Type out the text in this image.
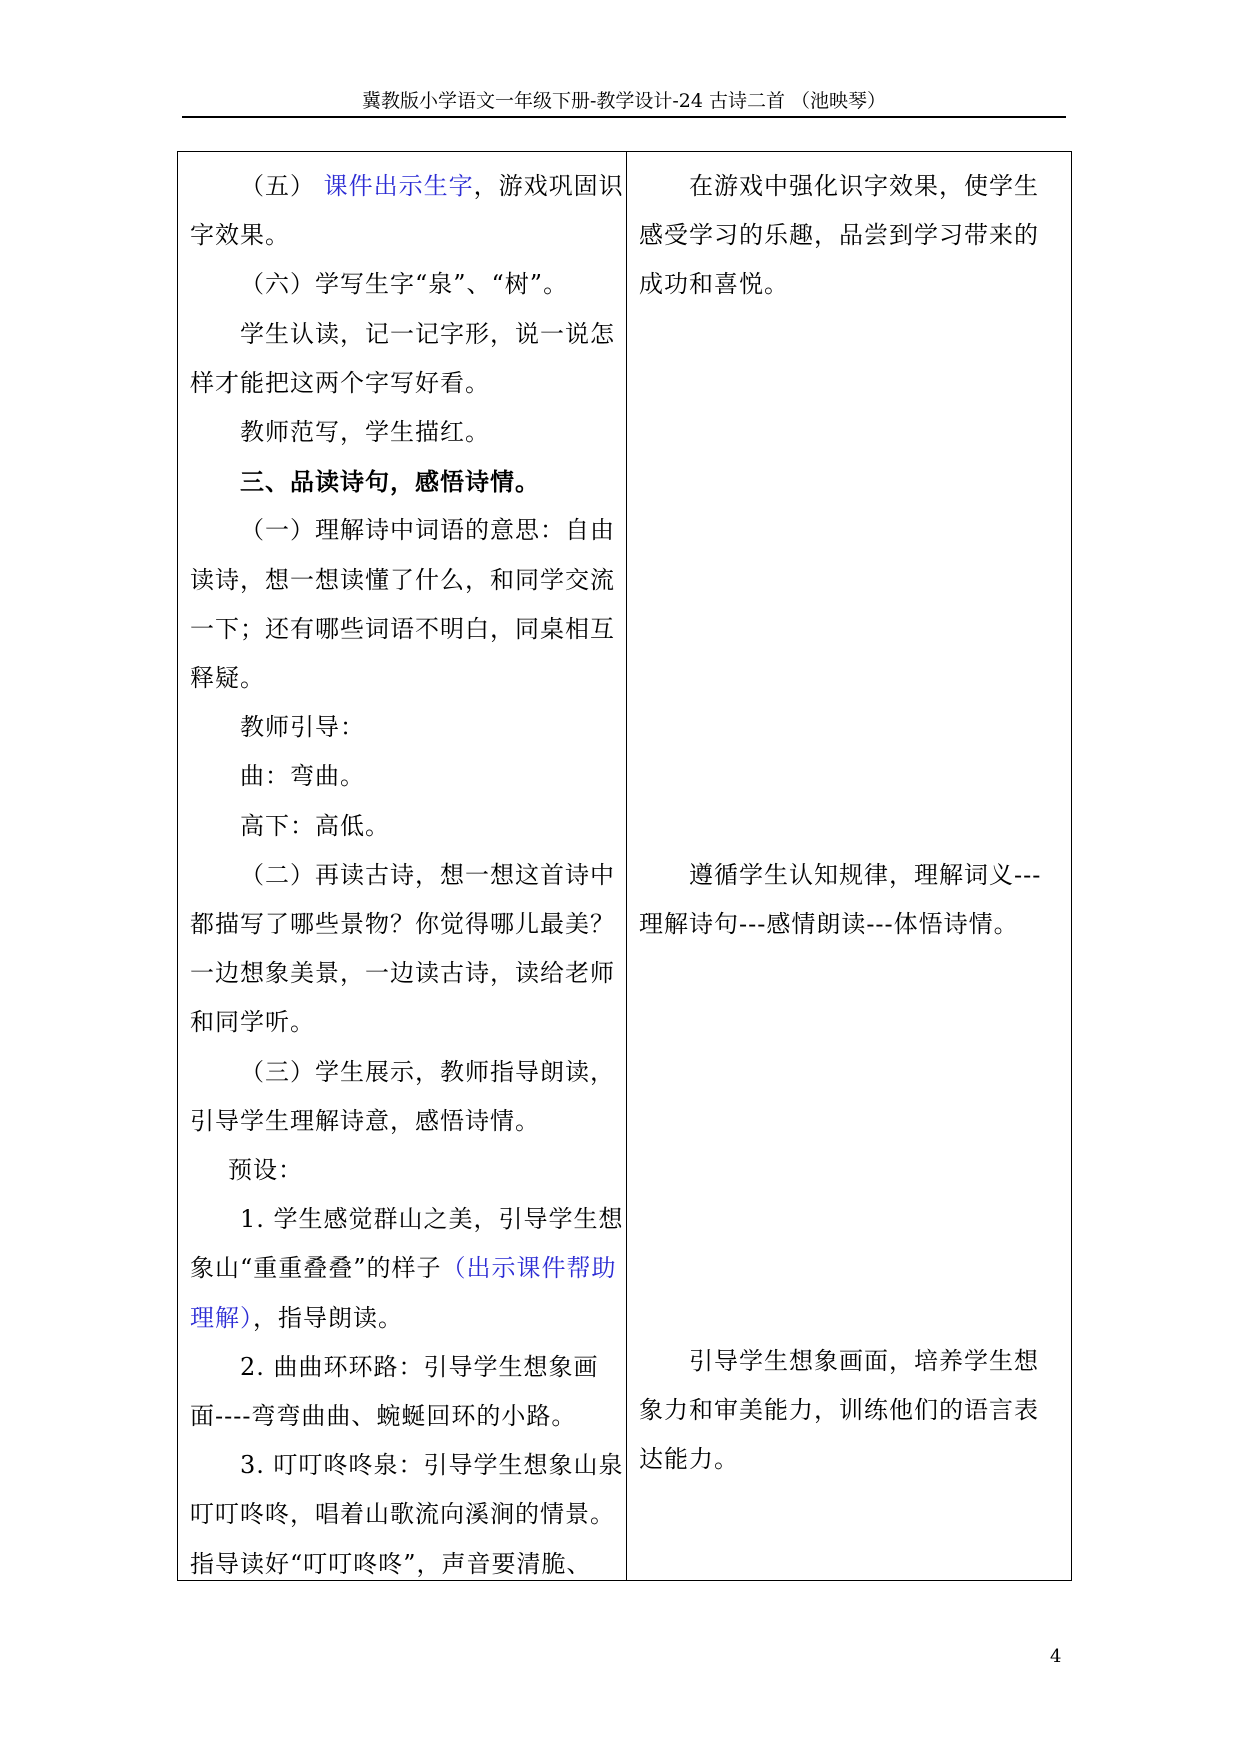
冀教版小学语文一年级下册-教学设计-24 古诗二首 （池映琴）

（五） 课件出示生字，游戏巩固识字效果。

（六）学写生字“泉”、“树”。

学生认读，记一记字形，说一说怎样才能把这两个字写好看。

教师范写，学生描红。

三、品读诗句，感悟诗情。

（一）理解诗中词语的意思：自由读诗，想一想读懂了什么，和同学交流一下；还有哪些词语不明白，同桌相互释疑。

教师引导：

曲：弯曲。

高下：高低。

（二）再读古诗，想一想这首诗中都描写了哪些景物？你觉得哪儿最美？一边想象美景，一边读古诗，读给老师和同学听。

（三）学生展示，教师指导朗读，引导学生理解诗意，感悟诗情。

预设：

1. 学生感觉群山之美，引导学生想象山“重重叠叠”的样子（出示课件帮助理解），指导朗读。

2. 曲曲环环路：引导学生想象画面----弯弯曲曲、蜿蜒回环的小路。

3. 叮叮咚咚泉：引导学生想象山泉叮叮咚咚，唱着山歌流向溪涧的情景。指导读好“叮叮咚咚”，声音要清脆、

在游戏中强化识字效果，使学生感受学习的乐趣，品尝到学习带来的成功和喜悦。

遵循学生认知规律，理解词义---理解诗句---感情朗读---体悟诗情。

引导学生想象画面，培养学生想象力和审美能力，训练他们的语言表达能力。

4
